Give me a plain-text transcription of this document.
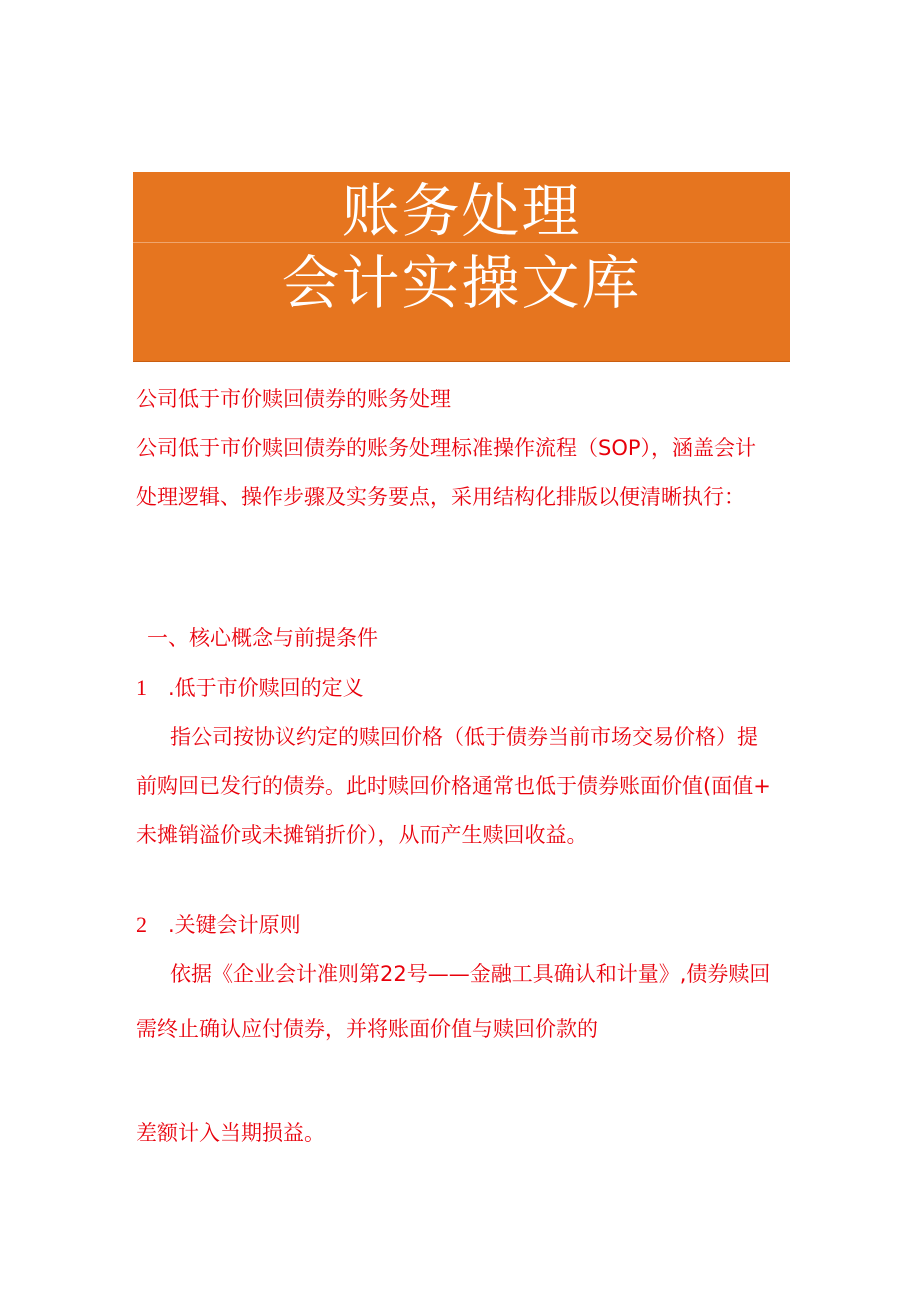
账务处理
会计实操文库
公司低于市价赎回债券的账务处理
公司低于市价赎回债券的账务处理标准操作流程（SOP），涵盖会计
处理逻辑、操作步骤及实务要点，采用结构化排版以便清晰执行：
一、核心概念与前提条件
1 .低于市价赎回的定义
指公司按协议约定的赎回价格（低于债券当前市场交易价格）提
前购回已发行的债券。此时赎回价格通常也低于债券账面价值(面值+
未摊销溢价或未摊销折价），从而产生赎回收益。
2 .关键会计原则
依据《企业会计准则第22号——金融工具确认和计量》,债券赎回
需终止确认应付债券，并将账面价值与赎回价款的
差额计入当期损益。
